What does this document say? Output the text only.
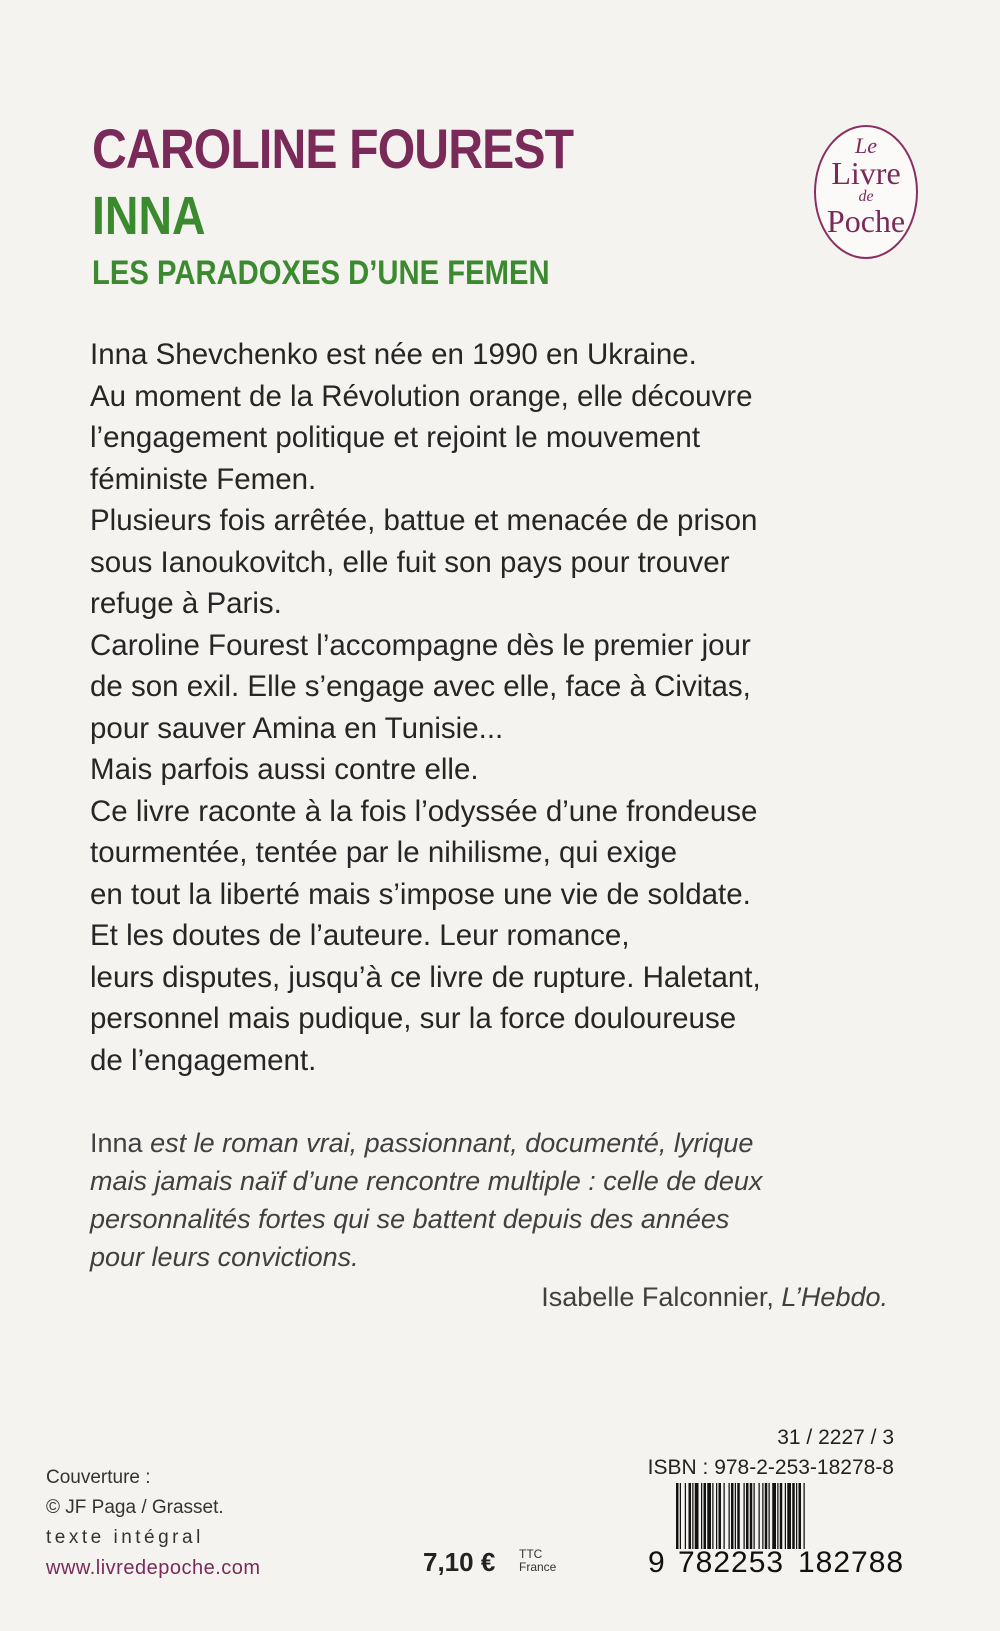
CAROLINE FOUREST
INNA
LES PARADOXES D’UNE FEMEN
Le
Livre
de
Poche
Inna Shevchenko est née en 1990 en Ukraine.
Au moment de la Révolution orange, elle découvre
l’engagement politique et rejoint le mouvement
féministe Femen.
Plusieurs fois arrêtée, battue et menacée de prison
sous Ianoukovitch, elle fuit son pays pour trouver
refuge à Paris.
Caroline Fourest l’accompagne dès le premier jour
de son exil. Elle s’engage avec elle, face à Civitas,
pour sauver Amina en Tunisie...
Mais parfois aussi contre elle.
Ce livre raconte à la fois l’odyssée d’une frondeuse
tourmentée, tentée par le nihilisme, qui exige
en tout la liberté mais s’impose une vie de soldate.
Et les doutes de l’auteure. Leur romance,
leurs disputes, jusqu’à ce livre de rupture. Haletant,
personnel mais pudique, sur la force douloureuse
de l’engagement.
Inna est le roman vrai, passionnant, documenté, lyrique
mais jamais naïf d’une rencontre multiple : celle de deux
personnalités fortes qui se battent depuis des années
pour leurs convictions.
Isabelle Falconnier, L’Hebdo.
Couverture :
© JF Paga / Grasset.
texte intégral
www.livredepoche.com	7,10 € TTC
France
31 / 2227 / 3
ISBN : 978-2-253-18278-8
9 782253 182788
